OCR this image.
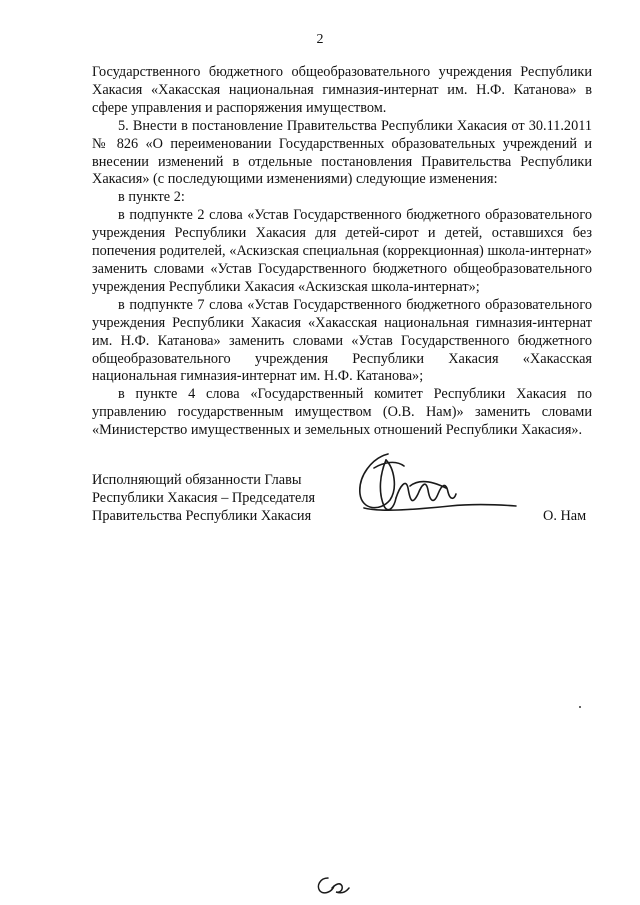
2

Государственного бюджетного общеобразовательного учреждения Республики Хакасия «Хакасская национальная гимназия-интернат им. Н.Ф. Катанова» в сфере управления и распоряжения имуществом.

5. Внести в постановление Правительства Республики Хакасия от 30.11.2011 № 826 «О переименовании Государственных образовательных учреждений и внесении изменений в отдельные постановления Правительства Республики Хакасия» (с последующими изменениями) следующие изменения:

в пункте 2:

в подпункте 2 слова «Устав Государственного бюджетного образовательного учреждения Республики Хакасия для детей-сирот и детей, оставшихся без попечения родителей, «Аскизская специальная (коррекционная) школа-интернат» заменить словами «Устав Государственного бюджетного общеобразовательного учреждения Республики Хакасия «Аскизская школа-интернат»;

в подпункте 7 слова «Устав Государственного бюджетного образовательного учреждения Республики Хакасия «Хакасская национальная гимназия-интернат им. Н.Ф. Катанова» заменить словами «Устав Государственного бюджетного общеобразовательного учреждения Республики Хакасия «Хакасская национальная гимназия-интернат им. Н.Ф. Катанова»;

в пункте 4 слова «Государственный комитет Республики Хакасия по управлению государственным имуществом (О.В. Нам)» заменить словами «Министерство имущественных и земельных отношений Республики Хакасия».

Исполняющий обязанности Главы
Республики Хакасия – Председателя
Правительства Республики Хакасия	О. Нам
